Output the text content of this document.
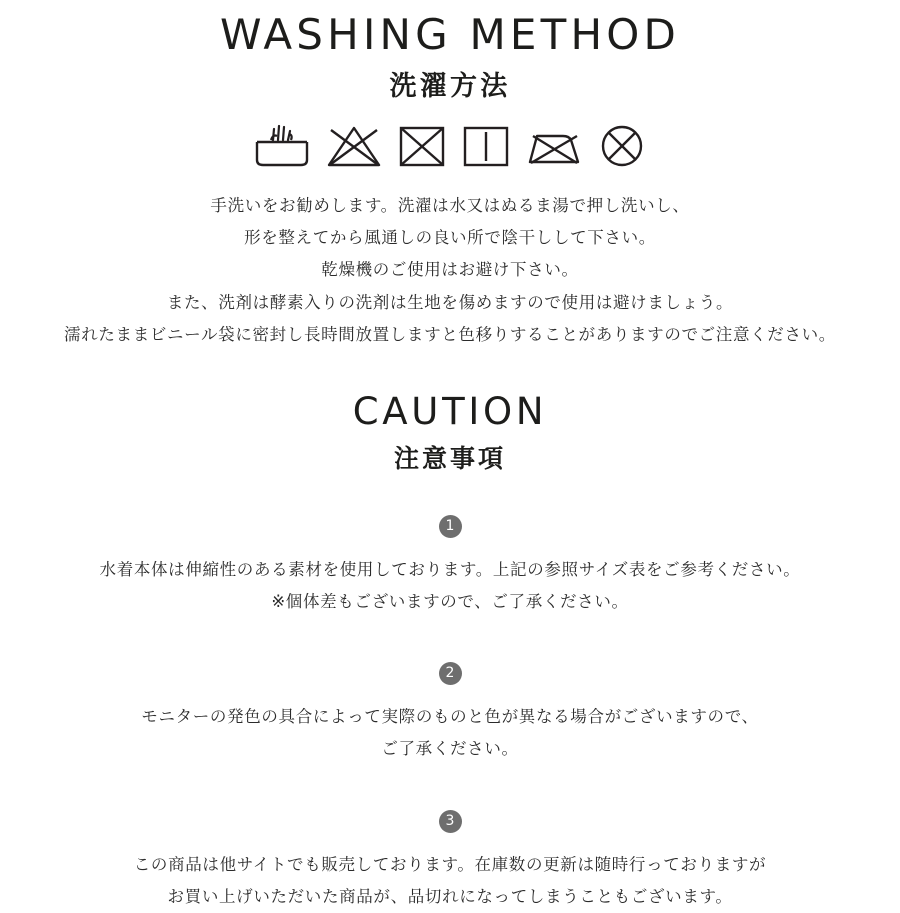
WASHING METHOD
洗濯方法
手洗いをお勧めします。洗濯は水又はぬるま湯で押し洗いし、
形を整えてから風通しの良い所で陰干しして下さい。
乾燥機のご使用はお避け下さい。
また、洗剤は酵素入りの洗剤は生地を傷めますので使用は避けましょう。
濡れたままビニール袋に密封し長時間放置しますと色移りすることがありますのでご注意ください。
CAUTION
注意事項
1
水着本体は伸縮性のある素材を使用しております。上記の参照サイズ表をご参考ください。
※個体差もございますので、ご了承ください。
2
モニターの発色の具合によって実際のものと色が異なる場合がございますので、
ご了承ください。
3
この商品は他サイトでも販売しております。在庫数の更新は随時行っておりますが
お買い上げいただいた商品が、品切れになってしまうこともございます。
